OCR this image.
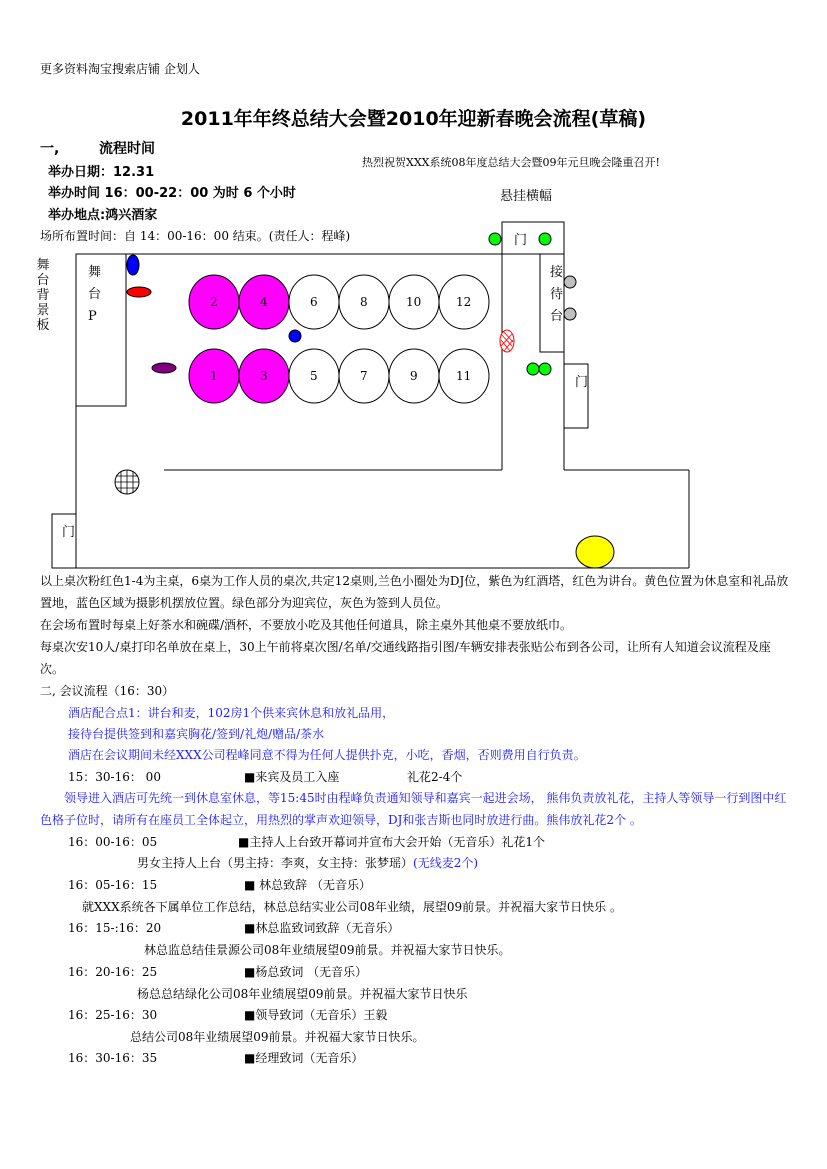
更多资料淘宝搜索店铺 企划人
2011年年终总结大会暨2010年迎新春晚会流程(草稿)
一,	流程时间
举办日期：12.31
举办时间 16：00-22：00 为时 6 个小时
举办地点:鸿兴酒家
场所布置时间：自 14：00-16：00 结束。(责任人：程峰)
热烈祝贺XXX系统08年度总结大会暨09年元旦晚会隆重召开!
悬挂横幅
舞
台
P
门
接
待
台
门
门
2	4	6	8	10	12
1	3	5	7	9	11
舞台背景板
以上桌次粉红色1-4为主桌，6桌为工作人员的桌次,共定12桌则,兰色小圈处为DJ位，紫色为红酒塔，红色为讲台。黄色位置为休息室和礼品放置地，蓝色区域为摄影机摆放位置。绿色部分为迎宾位，灰色为签到人员位。
在会场布置时每桌上好茶水和碗碟/酒杯，不要放小吃及其他任何道具，除主桌外其他桌不要放纸巾。
每桌次安10人/桌打印名单放在桌上，30上午前将桌次图/名单/交通线路指引图/车辆安排表张贴公布到各公司，让所有人知道会议流程及座次。
二, 会议流程（16：30）
酒店配合点1：讲台和麦，102房1个供来宾休息和放礼品用，
接待台提供签到和嘉宾胸花/签到/礼炮/赠品/茶水
酒店在会议期间未经XXX公司程峰同意不得为任何人提供扑克，小吃，香烟，否则费用自行负责。
15：30-16： 00	■来宾及员工入座	礼花2-4个
领导进入酒店可先统一到休息室休息，等15:45时由程峰负责通知领导和嘉宾一起进会场， 熊伟负责放礼花，主持人等领导一行到图中红色格子位时，请所有在座员工全体起立，用热烈的掌声欢迎领导，DJ和张吉斯也同时放进行曲。熊伟放礼花2个 。
16：00-16：05	■主持人上台致开幕词并宣布大会开始（无音乐）礼花1个
男女主持人上台（男主持：李爽，女主持：张梦瑶）(无线麦2个)
16：05-16：15	■ 林总致辞 （无音乐）
就XXX系统各下属单位工作总结，林总总结实业公司08年业绩，展望09前景。并祝福大家节日快乐 。
16：15-:16：20	■林总监致词致辞（无音乐）
林总监总结佳景源公司08年业绩展望09前景。并祝福大家节日快乐。
16：20-16：25	■杨总致词 （无音乐）
杨总总结绿化公司08年业绩展望09前景。并祝福大家节日快乐
16：25-16：30	■领导致词（无音乐）王毅
总结公司08年业绩展望09前景。并祝福大家节日快乐。
16：30-16：35	■经理致词（无音乐）
